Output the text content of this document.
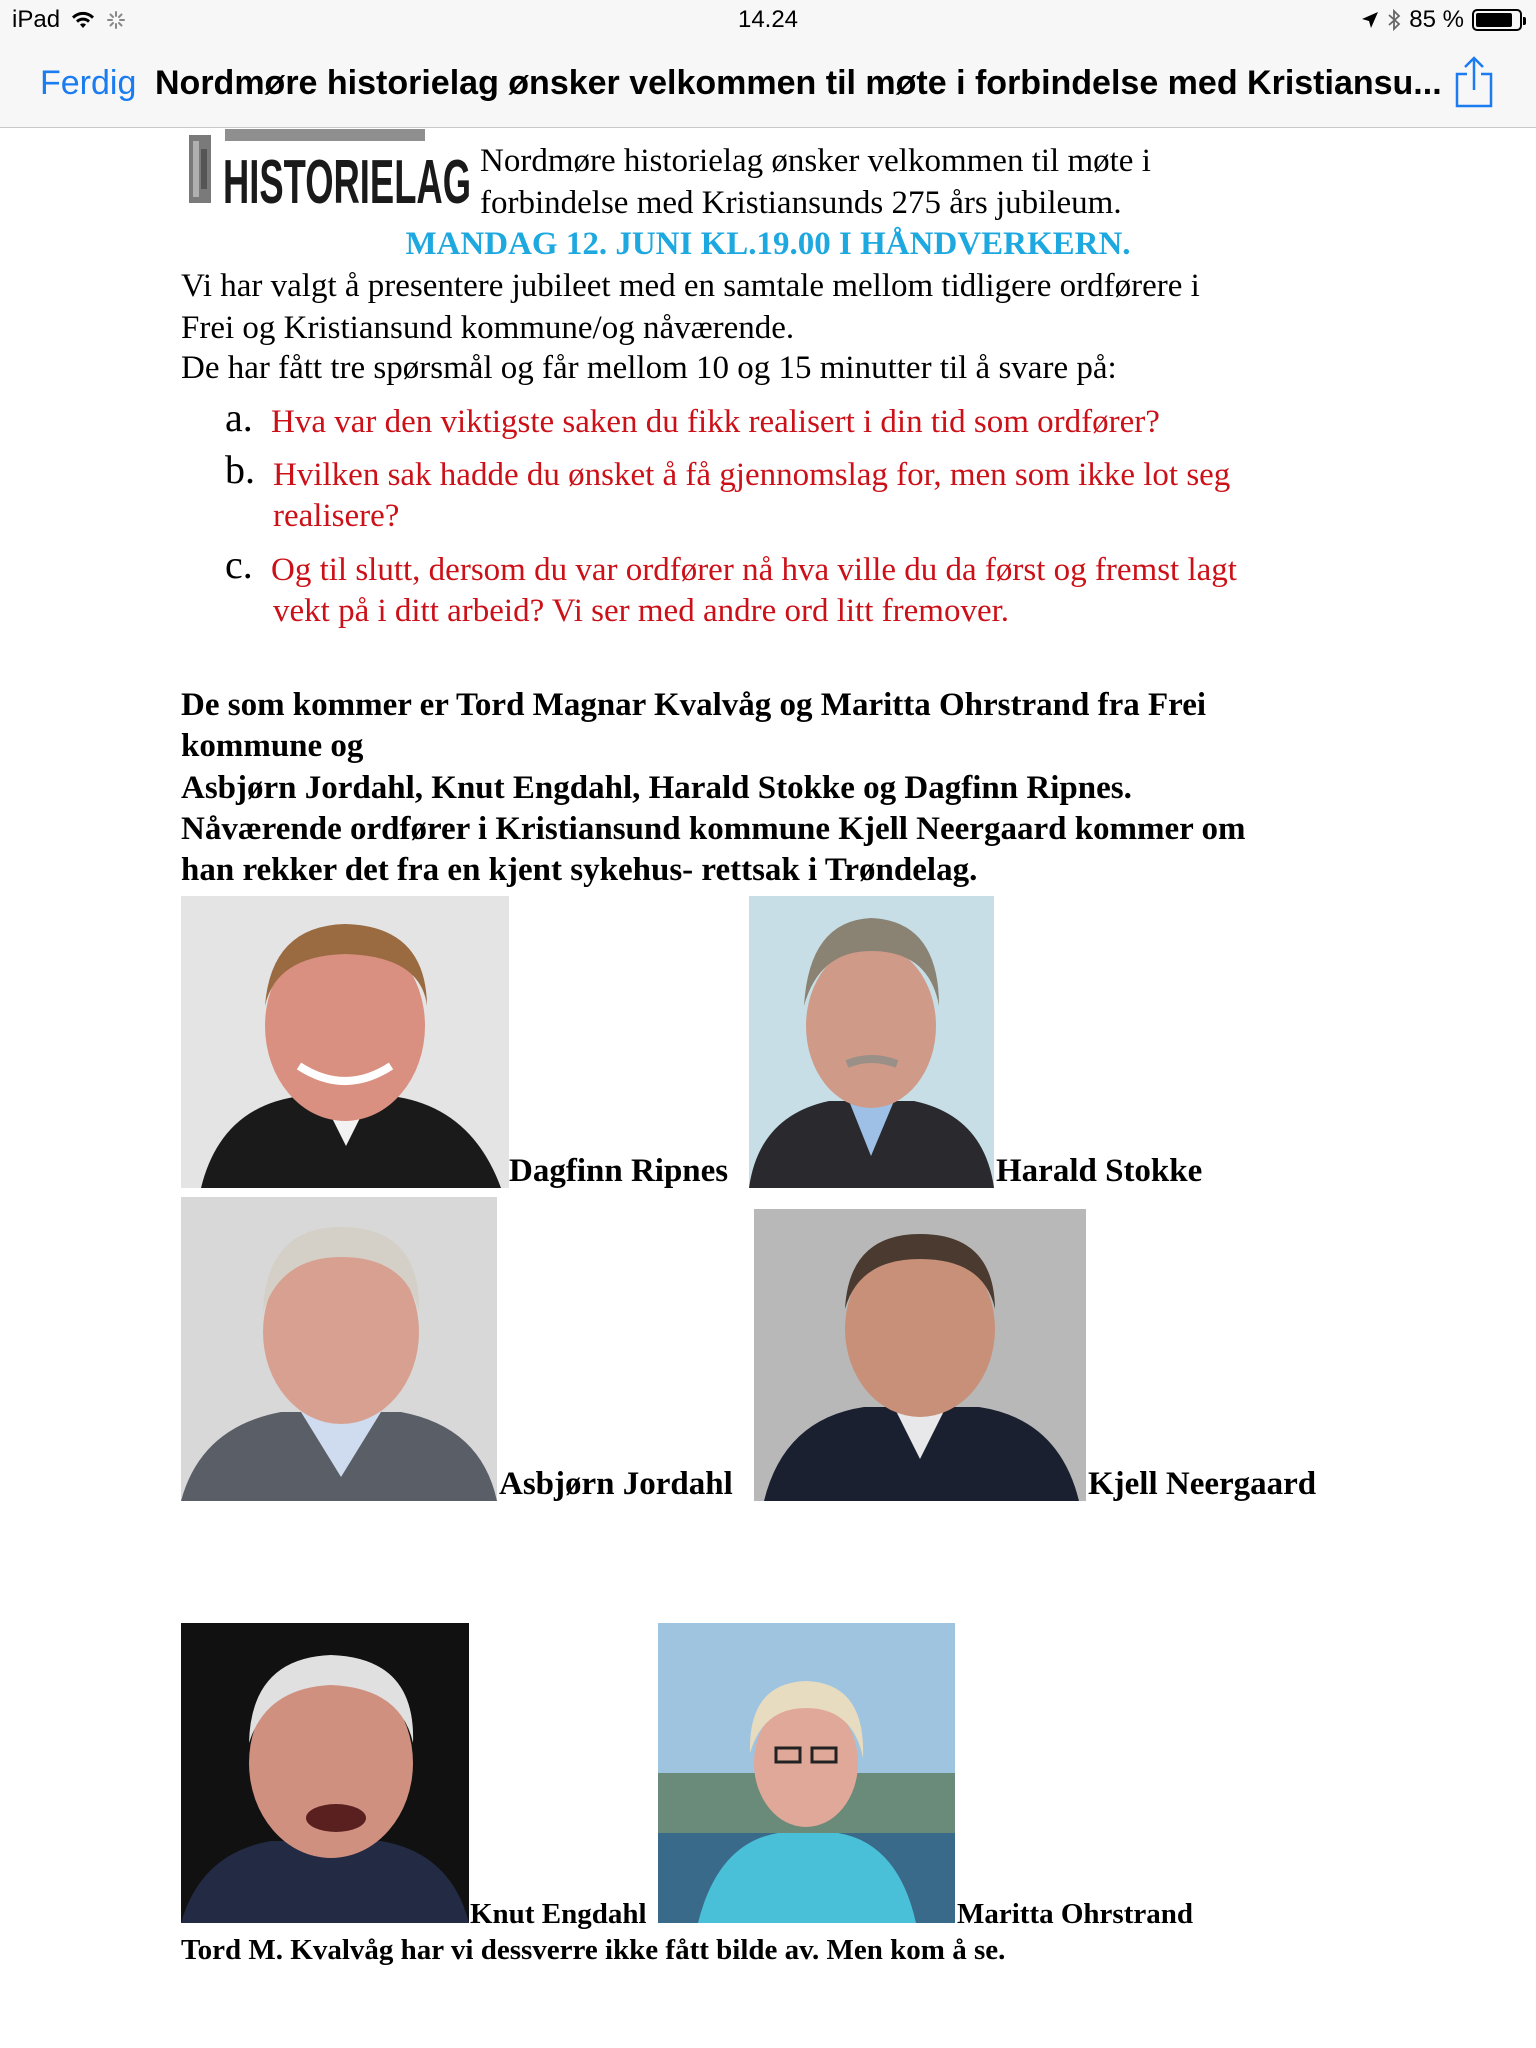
iPad	14.24	85 %
Ferdig Nordmøre historielag ønsker velkommen til møte i forbindelse med Kristiansu...
HISTORIELAG Nordmøre historielag ønsker velkommen til møte i
forbindelse med Kristiansunds 275 års jubileum.
MANDAG 12. JUNI KL.19.00 I HÅNDVERKERN.
Vi har valgt å presentere jubileet med en samtale mellom tidligere ordførere i
Frei og Kristiansund kommune/og nåværende.
De har fått tre spørsmål og får mellom 10 og 15 minutter til å svare på:
a. Hva var den viktigste saken du fikk realisert i din tid som ordfører?
b. Hvilken sak hadde du ønsket å få gjennomslag for, men som ikke lot seg
realisere?
c. Og til slutt, dersom du var ordfører nå hva ville du da først og fremst lagt
vekt på i ditt arbeid? Vi ser med andre ord litt fremover.
De som kommer er Tord Magnar Kvalvåg og Maritta Ohrstrand fra Frei
kommune og
Asbjørn Jordahl, Knut Engdahl, Harald Stokke og Dagfinn Ripnes.
Nåværende ordfører i Kristiansund kommune Kjell Neergaard kommer om
han rekker det fra en kjent sykehus- rettsak i Trøndelag.
Dagfinn Ripnes	Harald Stokke
Asbjørn Jordahl	Kjell Neergaard
Knut Engdahl	Maritta Ohrstrand
Tord M. Kvalvåg har vi dessverre ikke fått bilde av. Men kom å se.
